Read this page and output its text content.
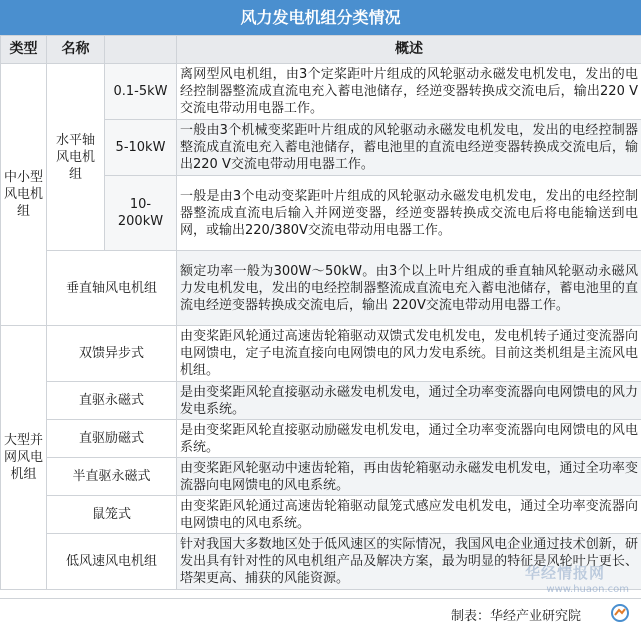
风力发电机组分类情况
类型	名称		概述
中小型风电机组	水平轴风电机组	0.1-5kW	离网型风电机组，由3个定桨距叶片组成的风轮驱动永磁发电机发电，发出的电经控制器整流成直流电充入蓄电池储存，经逆变器转换成交流电后，输出220 V交流电带动用电器工作。
		5-10kW	一般由3个机械变桨距叶片组成的风轮驱动永磁发电机发电，发出的电经控制器整流成直流电充入蓄电池储存，蓄电池里的直流电经逆变器转换成交流电后，输出220 V交流电带动用电器工作。
		10-200kW	一般是由3个电动变桨距叶片组成的风轮驱动永磁发电机发电，发出的电经控制器整流成直流电后输入并网逆变器，经逆变器转换成交流电后将电能输送到电网，或输出220/380V交流电带动用电器工作。
	垂直轴风电机组		额定功率一般为300W～50kW。由3个以上叶片组成的垂直轴风轮驱动永磁风力发电机发电，发出的电经控制器整流成直流电充入蓄电池储存，蓄电池里的直流电经逆变器转换成交流电后，输出 220V交流电带动用电器工作。
大型并网风电机组	双馈异步式		由变桨距风轮通过高速齿轮箱驱动双馈式发电机发电，发电机转子通过变流器向电网馈电，定子电流直接向电网馈电的风力发电系统。目前这类机组是主流风电机组。
	直驱永磁式		是由变桨距风轮直接驱动永磁发电机发电，通过全功率变流器向电网馈电的风力发电系统。
	直驱励磁式		是由变桨距风轮直接驱动励磁发电机发电，通过全功率变流器向电网馈电的风电系统。
	半直驱永磁式		由变桨距风轮驱动中速齿轮箱，再由齿轮箱驱动永磁发电机发电，通过全功率变流器向电网馈电的风电系统。
	鼠笼式		由变桨距风轮通过高速齿轮箱驱动鼠笼式感应发电机发电，通过全功率变流器向电网馈电的风电系统。
	低风速风电机组		针对我国大多数地区处于低风速区的实际情况，我国风电企业通过技术创新，研发出具有针对性的风电机组产品及解决方案，最为明显的特征是风轮叶片更长、塔架更高、捕获的风能资源。	华经情报网
www.huaon.com
制表：华经产业研究院
